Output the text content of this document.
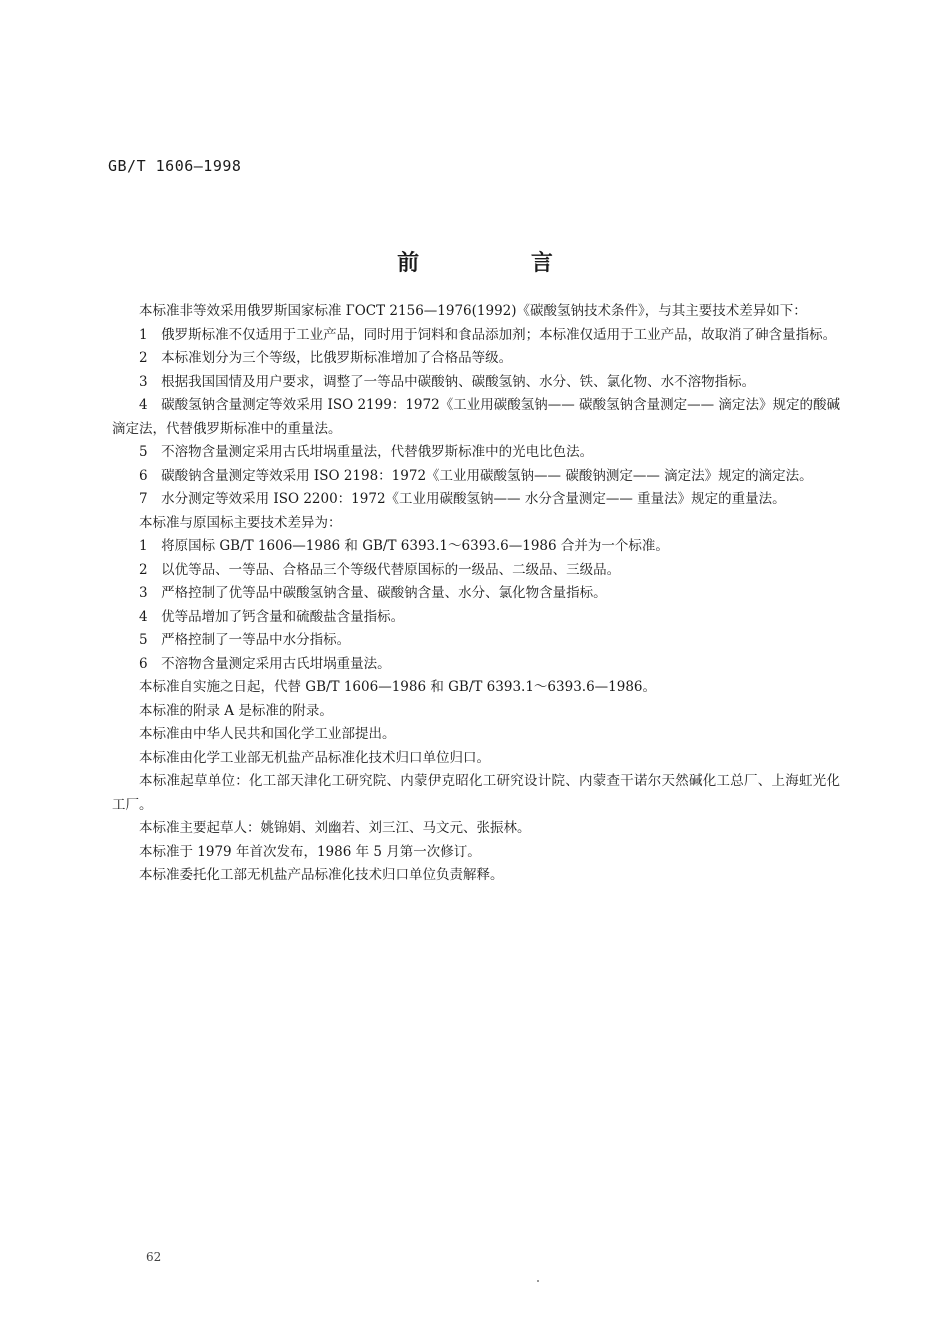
GB/T 1606—1998
前 言

本标准非等效采用俄罗斯国家标准 ГОСТ 2156—1976(1992)《碳酸氢钠技术条件》，与其主要技术差异如下：

1　俄罗斯标准不仅适用于工业产品，同时用于饲料和食品添加剂；本标准仅适用于工业产品，故取消了砷含量指标。

2　本标准划分为三个等级，比俄罗斯标准增加了合格品等级。

3　根据我国国情及用户要求，调整了一等品中碳酸钠、碳酸氢钠、水分、铁、氯化物、水不溶物指标。

4　碳酸氢钠含量测定等效采用 ISO 2199：1972《工业用碳酸氢钠—— 碳酸氢钠含量测定—— 滴定法》规定的酸碱滴定法，代替俄罗斯标准中的重量法。

5　不溶物含量测定采用古氏坩埚重量法，代替俄罗斯标准中的光电比色法。

6　碳酸钠含量测定等效采用 ISO 2198：1972《工业用碳酸氢钠—— 碳酸钠测定—— 滴定法》规定的滴定法。

7　水分测定等效采用 ISO 2200：1972《工业用碳酸氢钠—— 水分含量测定—— 重量法》规定的重量法。

本标准与原国标主要技术差异为：

1　将原国标 GB/T 1606—1986 和 GB/T 6393.1～6393.6—1986 合并为一个标准。

2　以优等品、一等品、合格品三个等级代替原国标的一级品、二级品、三级品。

3　严格控制了优等品中碳酸氢钠含量、碳酸钠含量、水分、氯化物含量指标。

4　优等品增加了钙含量和硫酸盐含量指标。

5　严格控制了一等品中水分指标。

6　不溶物含量测定采用古氏坩埚重量法。

本标准自实施之日起，代替 GB/T 1606—1986 和 GB/T 6393.1～6393.6—1986。

本标准的附录 A 是标准的附录。

本标准由中华人民共和国化学工业部提出。

本标准由化学工业部无机盐产品标准化技术归口单位归口。

本标准起草单位：化工部天津化工研究院、内蒙伊克昭化工研究设计院、内蒙查干诺尔天然碱化工总厂、上海虹光化工厂。

本标准主要起草人：姚锦娟、刘幽若、刘三江、马文元、张振林。

本标准于 1979 年首次发布，1986 年 5 月第一次修订。

本标准委托化工部无机盐产品标准化技术归口单位负责解释。

62
